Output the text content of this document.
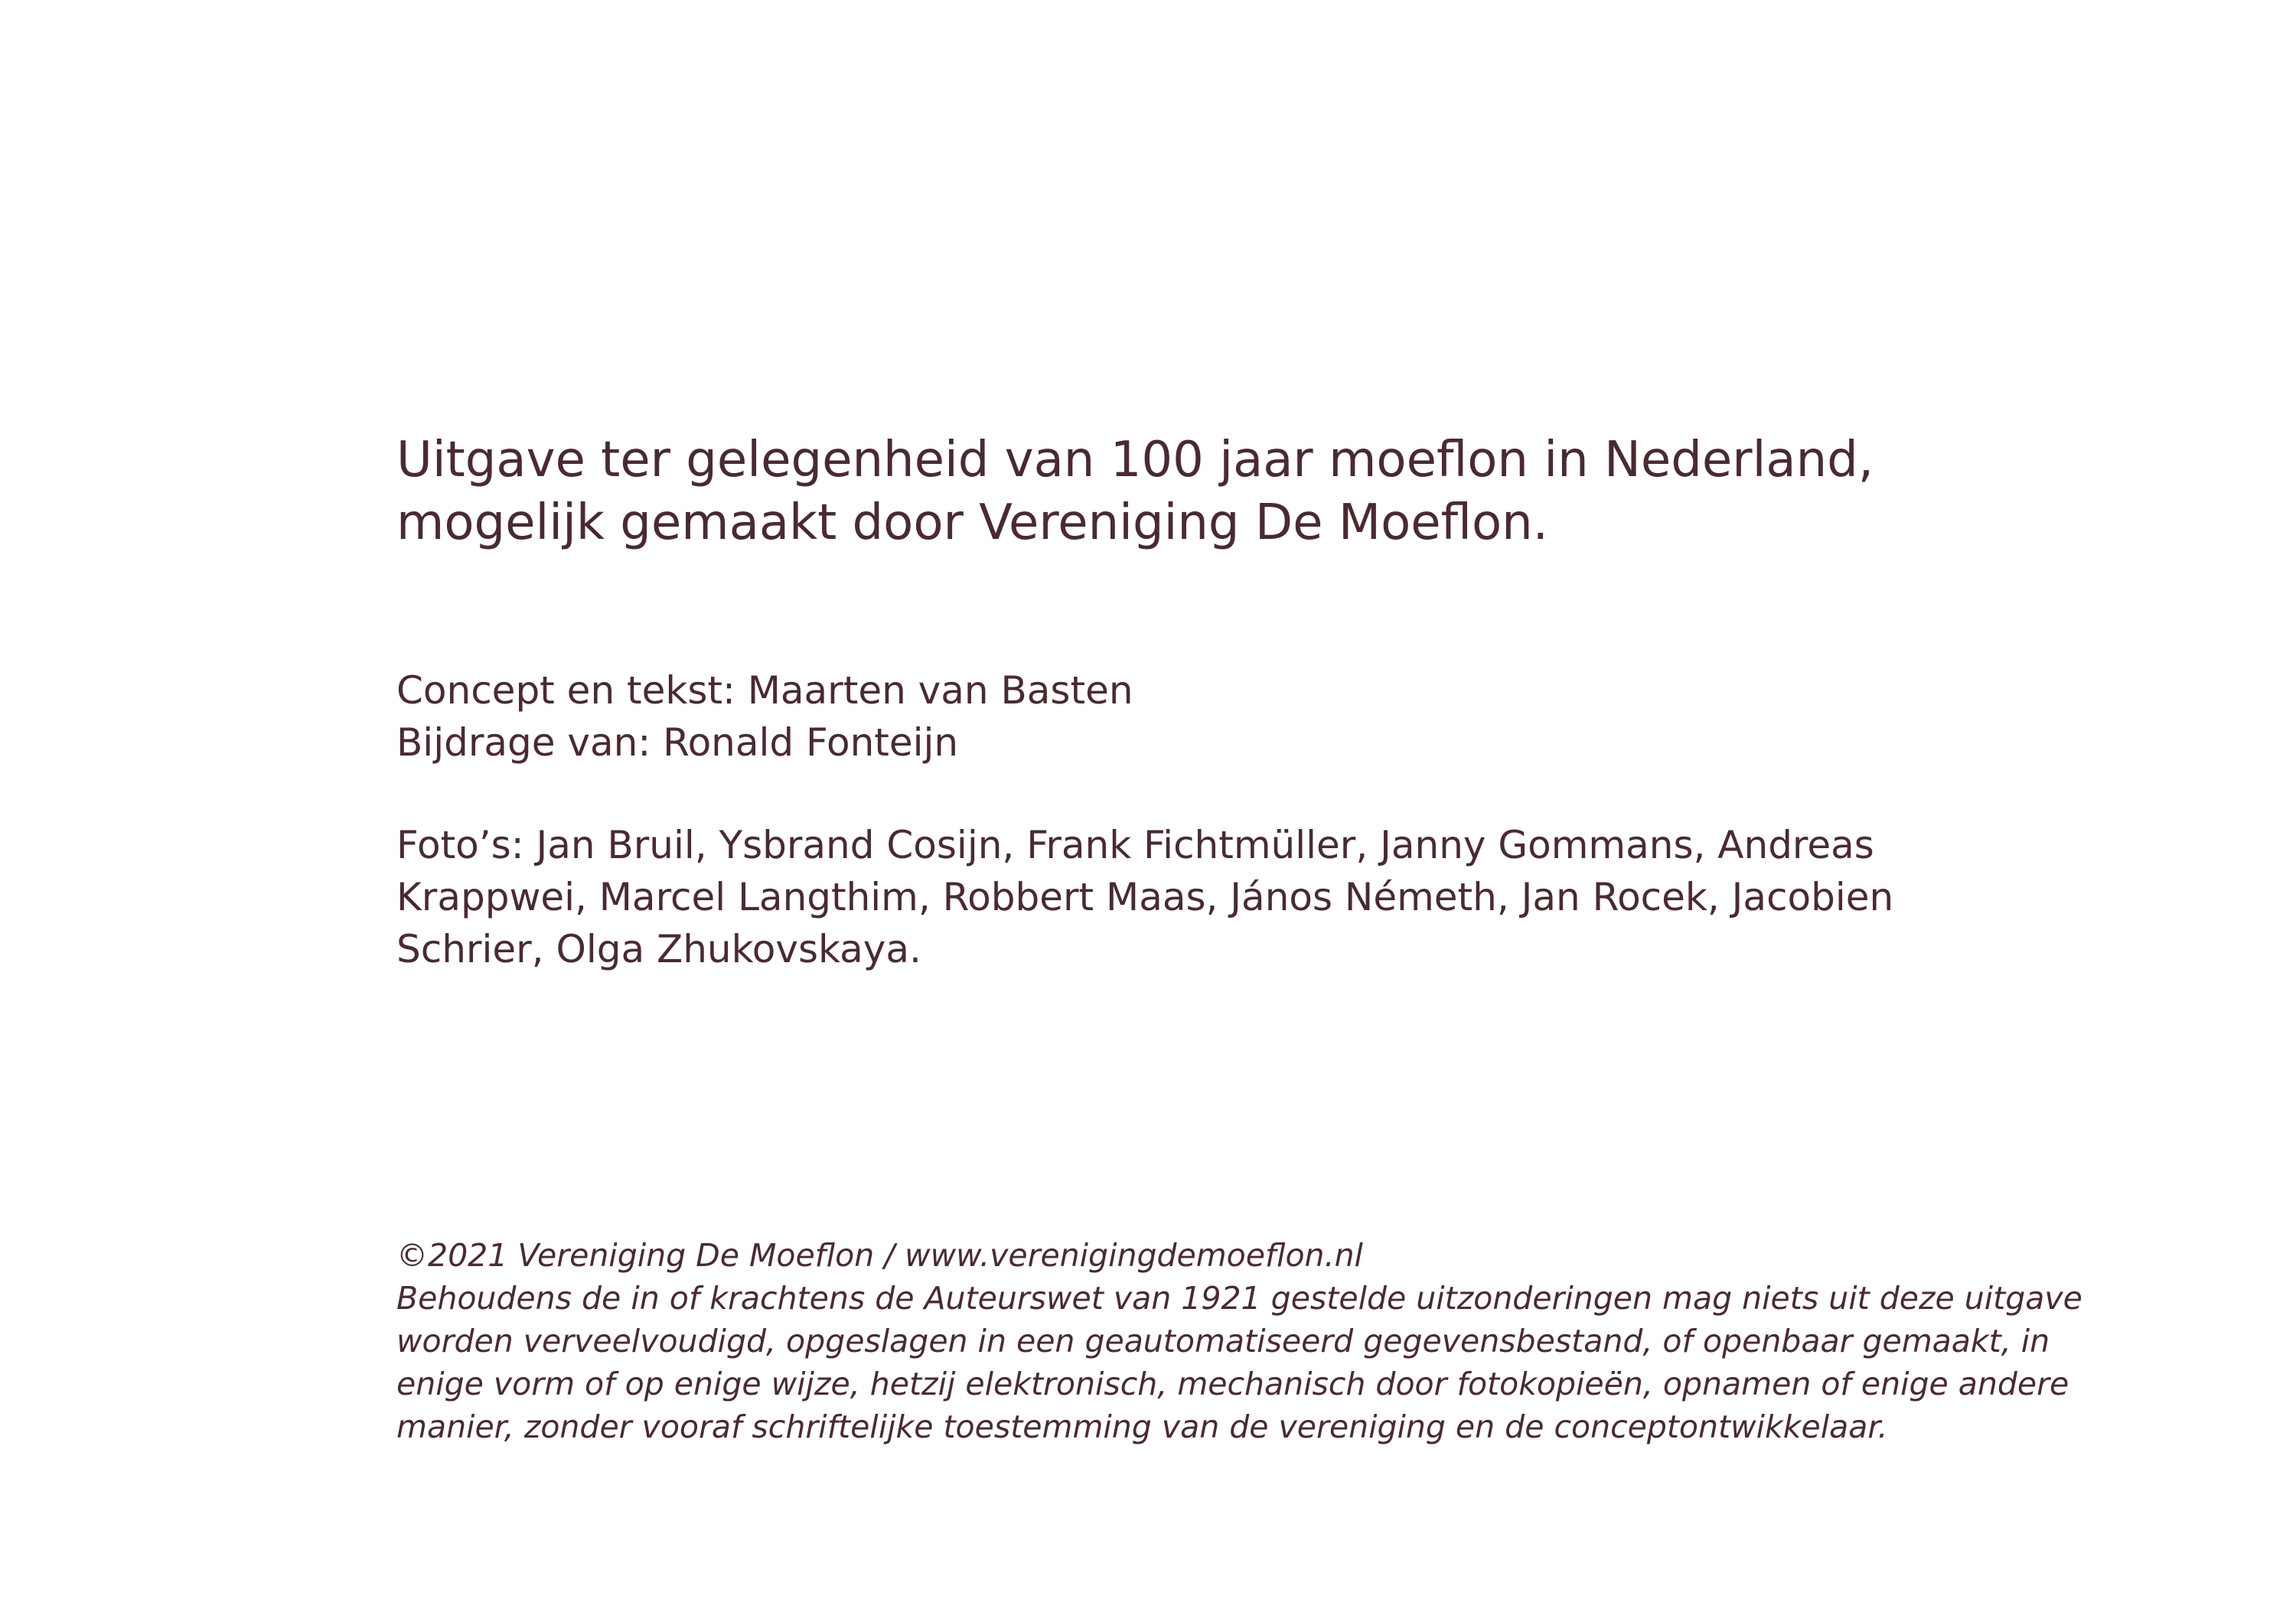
Uitgave ter gelegenheid van 100 jaar moeflon in Nederland,
mogelijk gemaakt door Vereniging De Moeflon.
Concept en tekst: Maarten van Basten
Bijdrage van: Ronald Fonteijn
Foto’s: Jan Bruil, Ysbrand Cosijn, Frank Fichtmüller, Janny Gommans, Andreas
Krappwei, Marcel Langthim, Robbert Maas, János Németh, Jan Rocek, Jacobien
Schrier, Olga Zhukovskaya.
©2021 Vereniging De Moeflon / www.verenigingdemoeflon.nl
Behoudens de in of krachtens de Auteurswet van 1921 gestelde uitzonderingen mag niets uit deze uitgave
worden verveelvoudigd, opgeslagen in een geautomatiseerd gegevensbestand, of openbaar gemaakt, in
enige vorm of op enige wijze, hetzij elektronisch, mechanisch door fotokopieën, opnamen of enige andere
manier, zonder vooraf schriftelijke toestemming van de vereniging en de conceptontwikkelaar.
